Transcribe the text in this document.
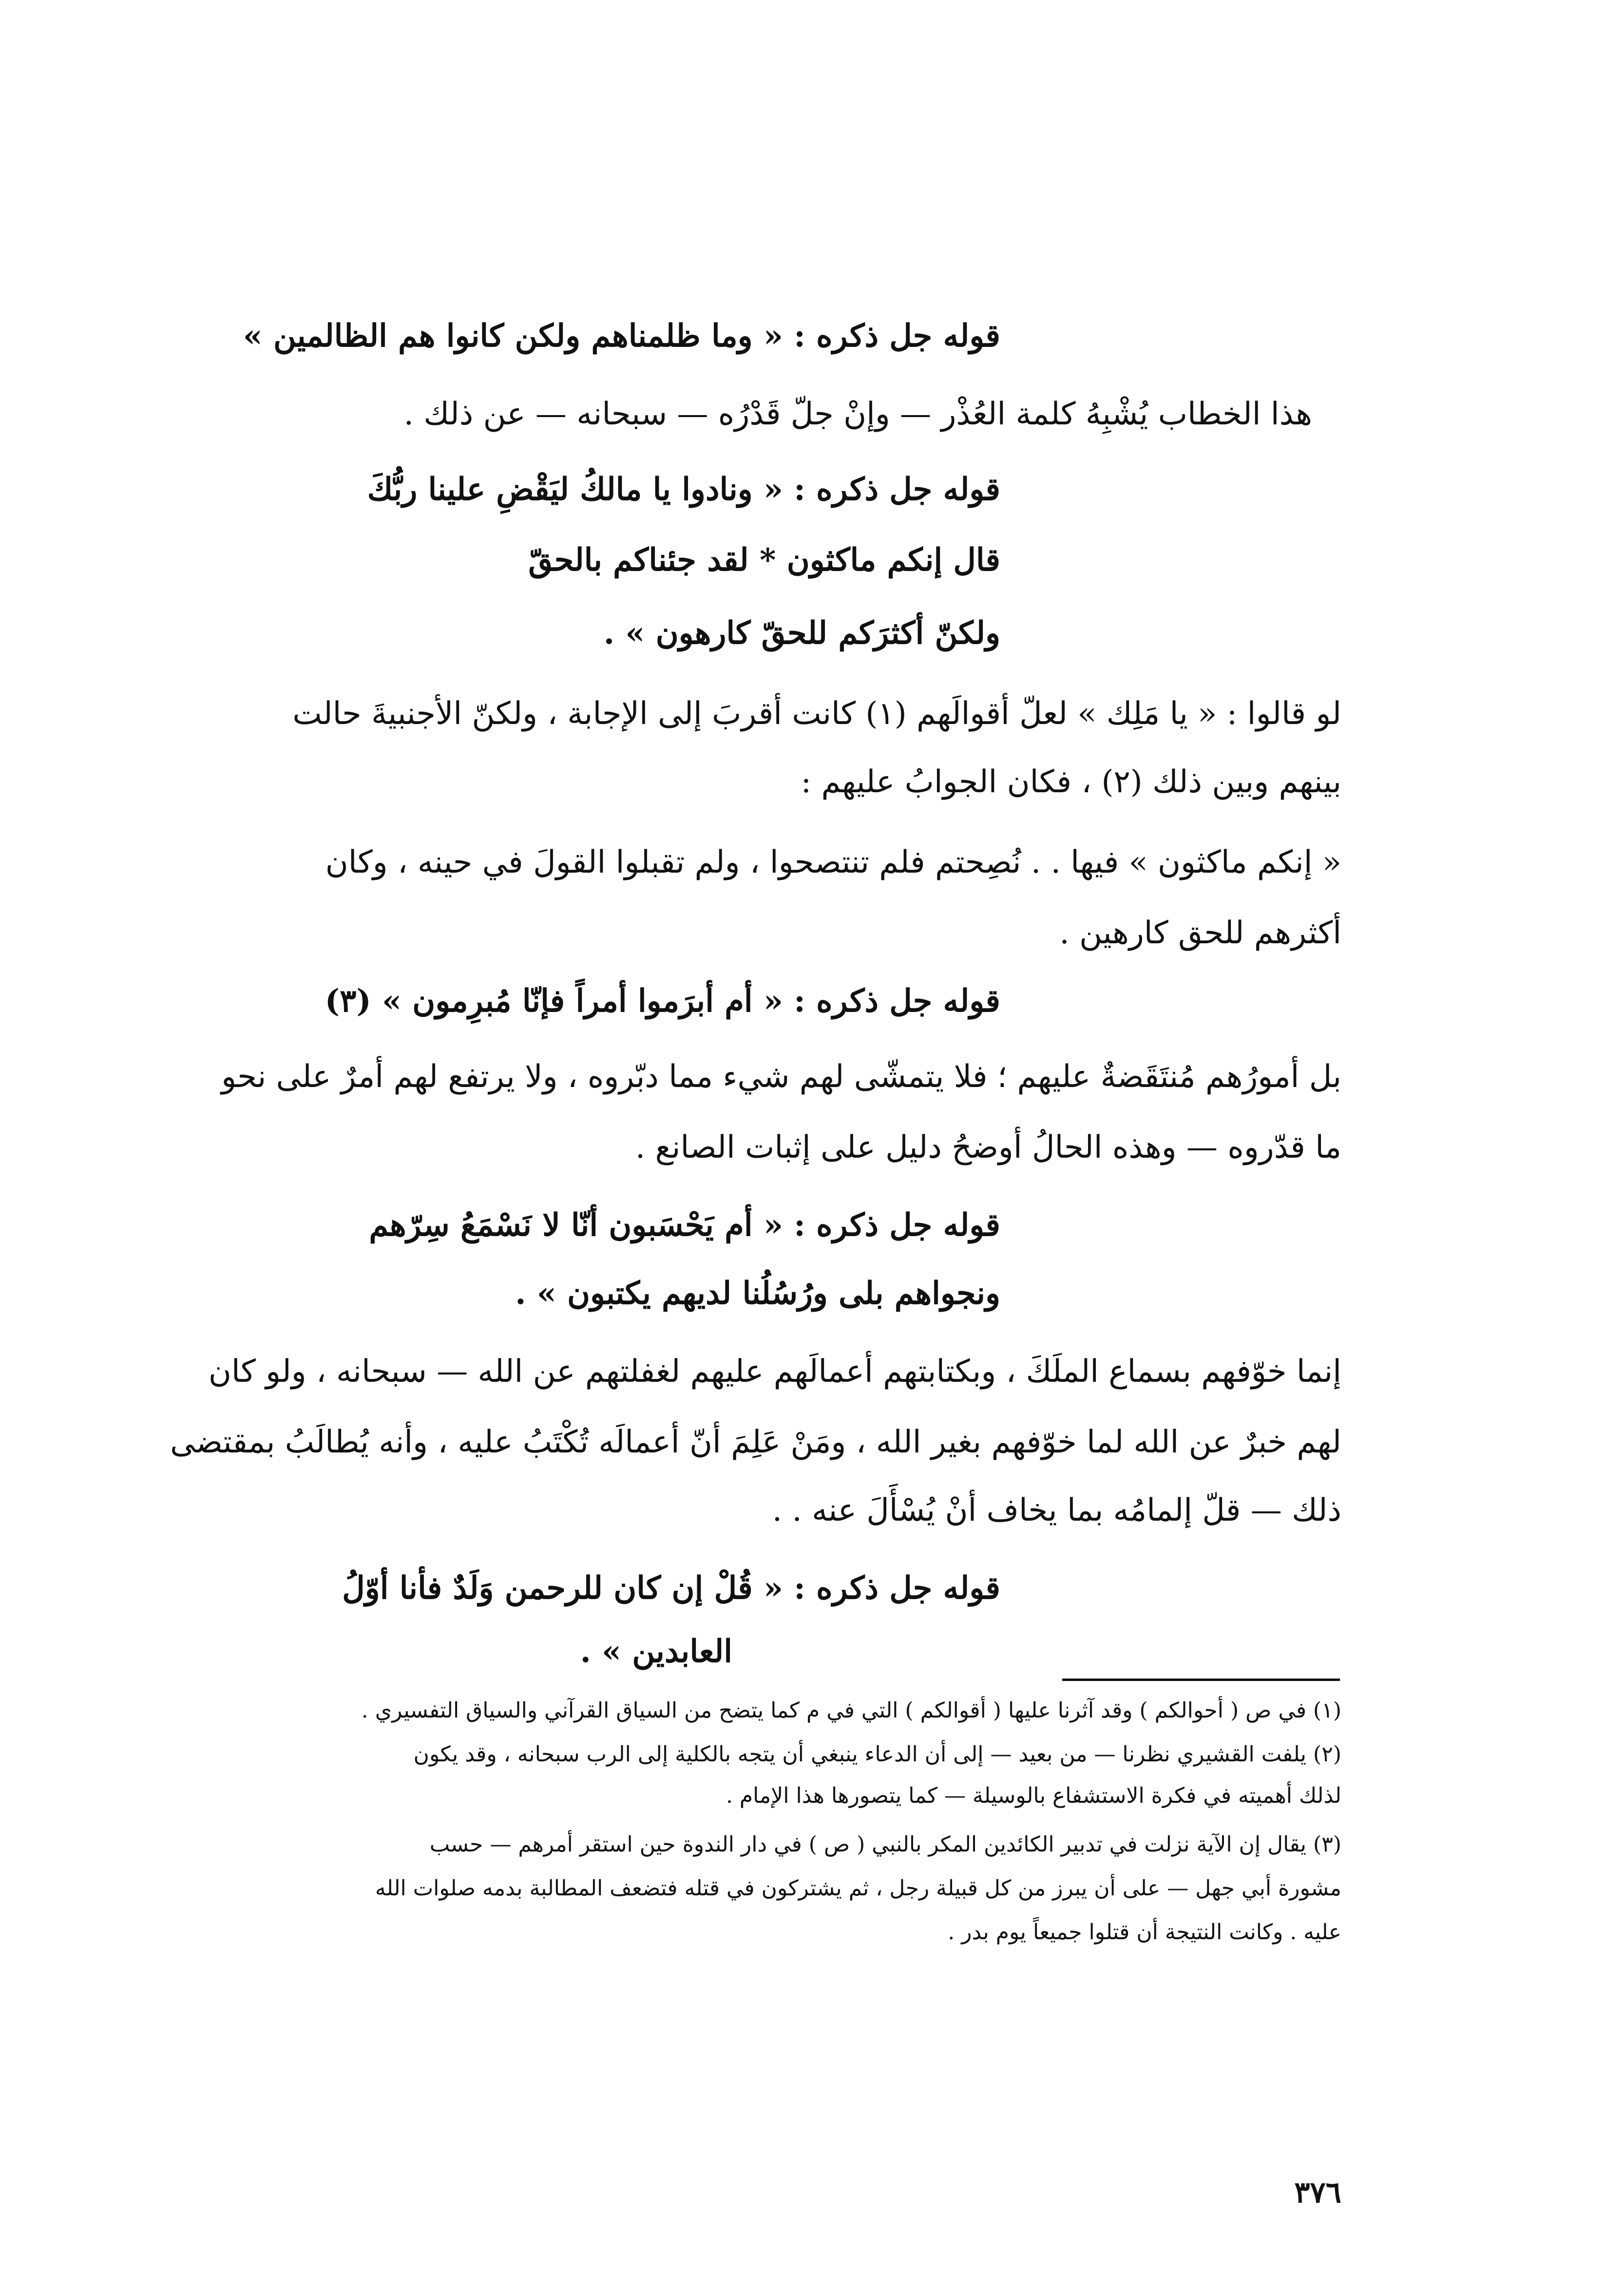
قوله جل ذكره : « وما ظلمناهم ولكن كانوا هم الظالمين »
هذا الخطاب يُشْبِهُ كلمة العُذْر — وإنْ جلّ قَدْرُه — سبحانه — عن ذلك .
قوله جل ذكره : « ونادوا يا مالكُ ليَقْضِ علينا ربُّكَ
قال إنكم ماكثون * لقد جئناكم بالحقّ
ولكنّ أكثرَكم للحقّ كارهون » .
لو قالوا : « يا مَلِك » لعلّ أقوالَهم (١) كانت أقربَ إلى الإجابة ، ولكنّ الأجنبيةَ حالت
بينهم وبين ذلك (٢) ، فكان الجوابُ عليهم :
« إنكم ماكثون » فيها . . نُصِحتم فلم تنتصحوا ، ولم تقبلوا القولَ في حينه ، وكان
أكثرهم للحق كارهين .
قوله جل ذكره : « أم أبرَموا أمراً فإنّا مُبرِمون » (٣)
بل أمورُهم مُنتَقَضةٌ عليهم ؛ فلا يتمشّى لهم شيء مما دبّروه ، ولا يرتفع لهم أمرٌ على نحو
ما قدّروه — وهذه الحالُ أوضحُ دليل على إثبات الصانع .
قوله جل ذكره : « أم يَحْسَبون أنّا لا نَسْمَعُ سِرّهم
ونجواهم بلى ورُسُلُنا لديهم يكتبون » .
إنما خوّفهم بسماع الملَكَ ، وبكتابتهم أعمالَهم عليهم لغفلتهم عن الله — سبحانه ، ولو كان
لهم خبرٌ عن الله لما خوّفهم بغير الله ، ومَنْ عَلِمَ أنّ أعمالَه تُكْتَبُ عليه ، وأنه يُطالَبُ بمقتضى
ذلك — قلّ إلمامُه بما يخاف أنْ يُسْأَلَ عنه . .
قوله جل ذكره : « قُلْ إن كان للرحمن وَلَدٌ فأنا أوّلُ
العابدين » .
(١) في ص ( أحوالكم ) وقد آثرنا عليها ( أقوالكم ) التي في م كما يتضح من السياق القرآني والسياق التفسيري .
(٢) يلفت القشيري نظرنا — من بعيد — إلى أن الدعاء ينبغي أن يتجه بالكلية إلى الرب سبحانه ، وقد يكون
لذلك أهميته في فكرة الاستشفاع بالوسيلة — كما يتصورها هذا الإمام .
(٣) يقال إن الآية نزلت في تدبير الكائدين المكر بالنبي ( ص ) في دار الندوة حين استقر أمرهم — حسب
مشورة أبي جهل — على أن يبرز من كل قبيلة رجل ، ثم يشتركون في قتله فتضعف المطالبة بدمه صلوات الله
عليه . وكانت النتيجة أن قتلوا جميعاً يوم بدر .
٣٧٦
